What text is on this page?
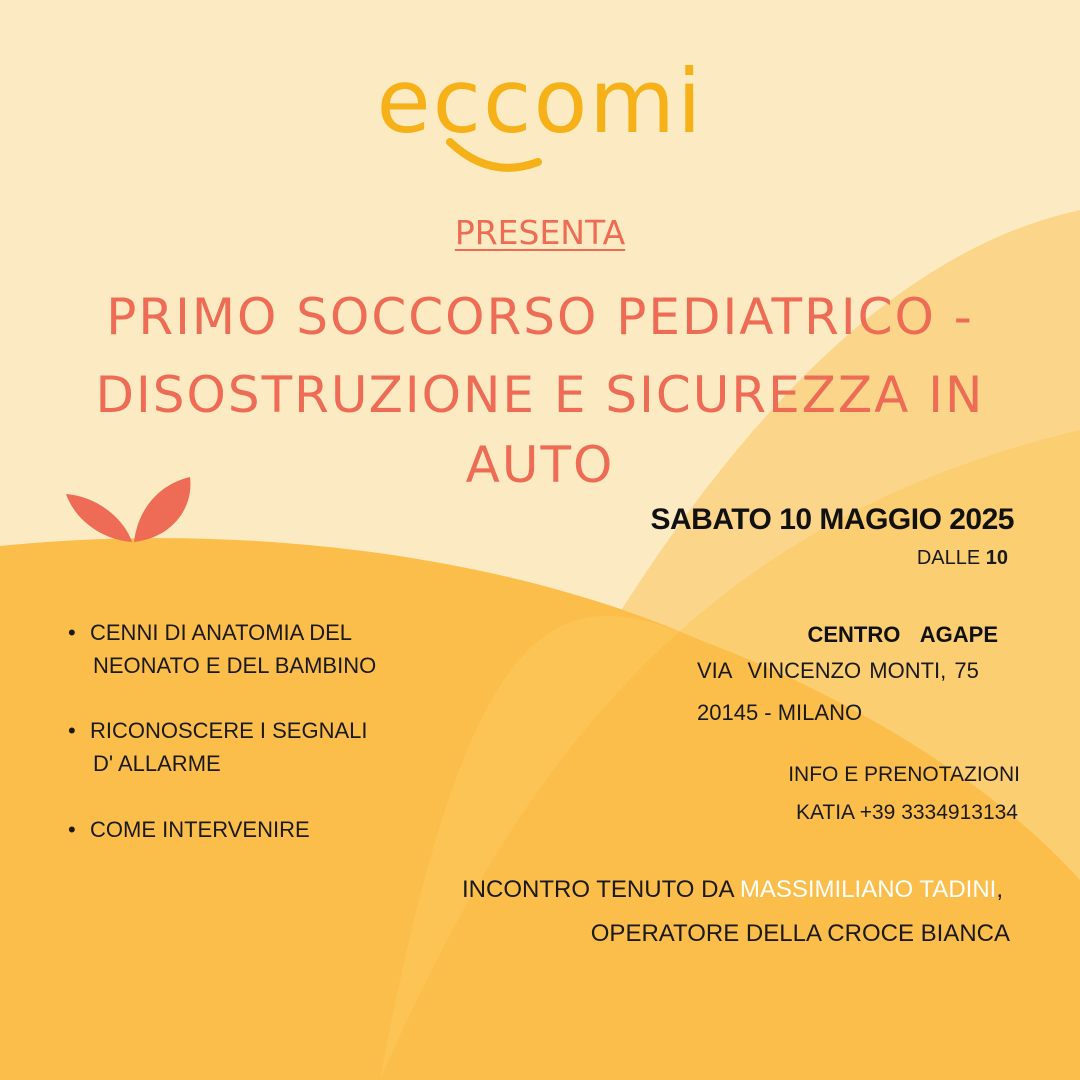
eccomi
PRESENTA
PRIMO SOCCORSO PEDIATRICO -
DISOSTRUZIONE E SICUREZZA IN
AUTO
SABATO 10 MAGGIO 2025
DALLE 10
• CENNI DI ANATOMIA DEL
NEONATO E DEL BAMBINO
• RICONOSCERE I SEGNALI
D' ALLARME
• COME INTERVENIRE
CENTRO  AGAPE
VIA  VINCENZO MONTI, 75
20145 - MILANO
INFO E PRENOTAZIONI
KATIA +39 3334913134
INCONTRO TENUTO DA MASSIMILIANO TADINI,
OPERATORE DELLA CROCE BIANCA
